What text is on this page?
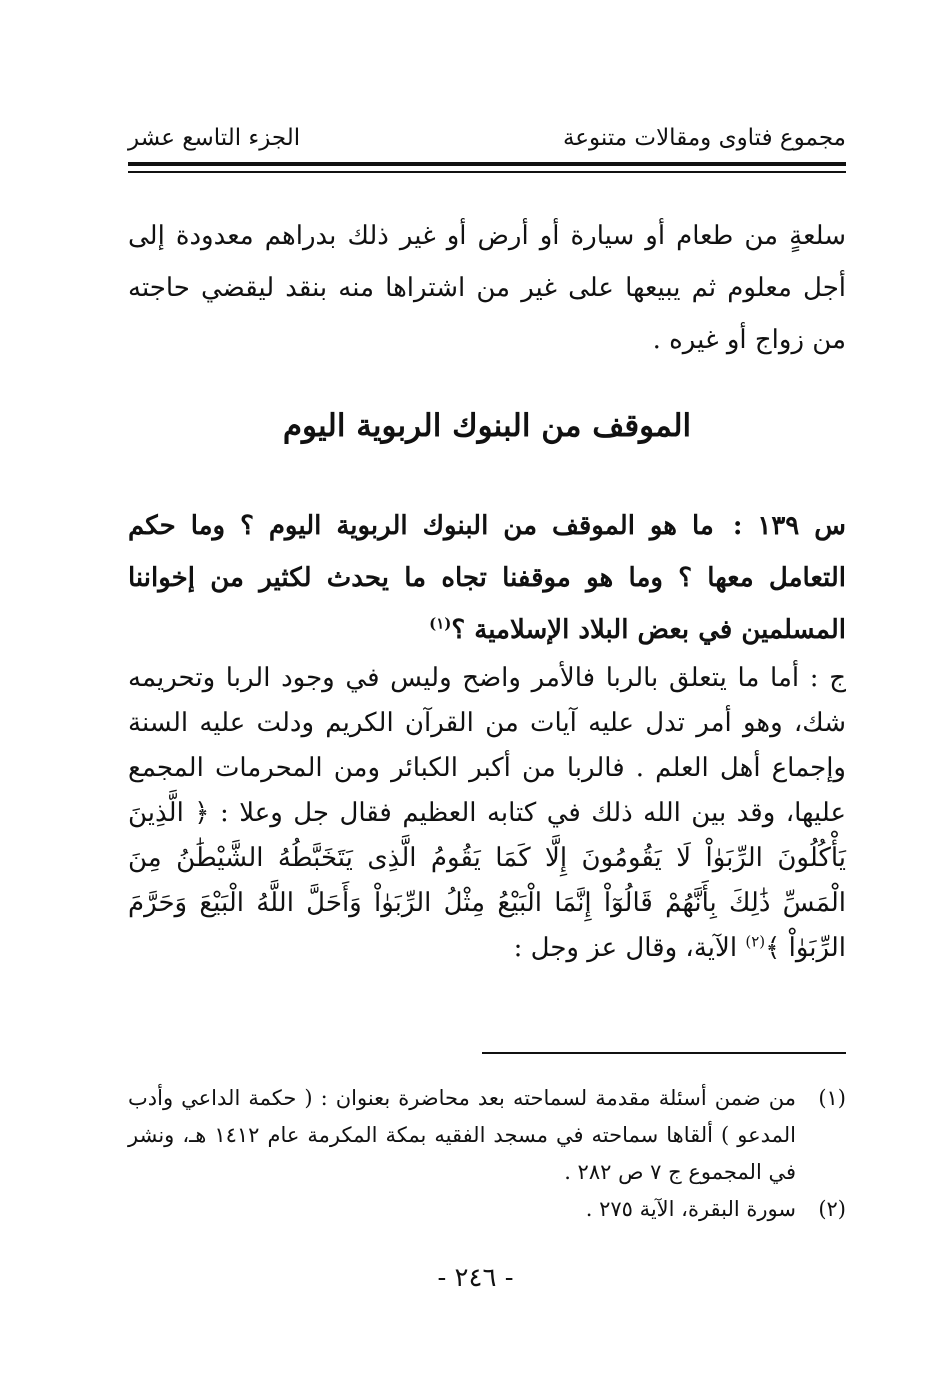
مجموع فتاوى ومقالات متنوعة
الجزء التاسع عشر

سلعةٍ من طعام أو سيارة أو أرض أو غير ذلك بدراهم معدودة إلى أجل معلوم ثم يبيعها على غير من اشتراها منه بنقد ليقضي حاجته من زواج أو غيره .

الموقف من البنوك الربوية اليوم

س ١٣٩ : ما هو الموقف من البنوك الربوية اليوم ؟ وما حكم التعامل معها ؟ وما هو موقفنا تجاه ما يحدث لكثير من إخواننا المسلمين في بعض البلاد الإسلامية ؟$^{(١)}$

ج : أما ما يتعلق بالربا فالأمر واضح وليس في وجود الربا وتحريمه شك، وهو أمر تدل عليه آيات من القرآن الكريم ودلت عليه السنة وإجماع أهل العلم . فالربا من أكبر الكبائر ومن المحرمات المجمع عليها، وقد بين الله ذلك في كتابه العظيم فقال جل وعلا : ﴿ الَّذِينَ يَأْكُلُونَ الرِّبَوٰاْ لَا يَقُومُونَ إِلَّا كَمَا يَقُومُ الَّذِى يَتَخَبَّطُهُ الشَّيْطَٰنُ مِنَ الْمَسِّ ذَٰلِكَ بِأَنَّهُمْ قَالُوٓاْ إِنَّمَا الْبَيْعُ مِثْلُ الرِّبَوٰاْ وَأَحَلَّ اللَّهُ الْبَيْعَ وَحَرَّمَ الرِّبَوٰاْ ﴾$^{(٢)}$ الآية، وقال عز وجل :

(١)
من ضمن أسئلة مقدمة لسماحته بعد محاضرة بعنوان : ( حكمة الداعي وأدب المدعو ) ألقاها سماحته في مسجد الفقيه بمكة المكرمة عام ١٤١٢ هـ، ونشر في المجموع ج ٧ ص ٢٨٢ .
(٢)
سورة البقرة، الآية ٢٧٥ .
- ٢٤٦ -
